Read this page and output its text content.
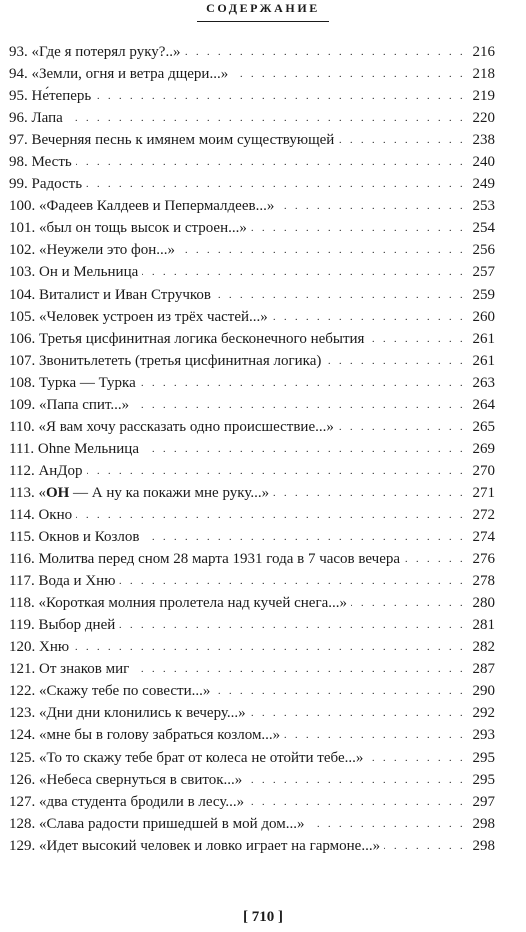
СОДЕРЖАНИЕ
. . .
93. «Где я потерял руку?..»	216
. . .
94. «Земли, огня и ветра дщери...»	218
. . .
95. Не́теперь	219
. . .
96. Лапа	220
. . .
97. Вечерняя песнь к имянем моим существующей	238
. . .
98. Месть	240
. . .
99. Радость	249
. . .
100. «Фадеев Калдеев и Пепермалдеев...»	253
. . .
101. «был он тощь высок и строен...»	254
. . .
102. «Неужели это фон...»	256
. . .
103. Он и Мельница	257
. . .
104. Виталист и Иван Стручков	259
. . .
105. «Человек устроен из трёх частей...»	260
. . .
106. Третья цисфинитная логика бесконечного небытия	261
. . .
107. Звонитьлететь (третья цисфинитная логика)	261
. . .
108. Турка — Турка	263
. . .
109. «Папа спит...»	264
. . .
110. «Я вам хочу рассказать одно происшествие...»	265
. . .
111. Ohne Мельница	269
. . .
112. АнДор	270
. . .
113. «ОН — А ну ка покажи мне руку...»	271
. . .
114. Окно	272
. . .
115. Окнов и Козлов	274
. . .
116. Молитва перед сном 28 марта 1931 года в 7 часов вечера	276
. . .
117. Вода и Хню	278
. . .
118. «Короткая молния пролетела над кучей снега...»	280
. . .
119. Выбор дней	281
. . .
120. Хню	282
. . .
121. От знаков миг	287
. . .
122. «Скажу тебе по совести...»	290
. . .
123. «Дни дни клонились к вечеру...»	292
. . .
124. «мне бы в голову забраться козлом...»	293
. . .
125. «То то скажу тебе брат от колеса не отойти тебе...»	295
. . .
126. «Небеса свернуться в свиток...»	295
. . .
127. «два студента бродили в лесу...»	297
. . .
128. «Слава радости пришедшей в мой дом...»	298
. . .
129. «Идет высокий человек и ловко играет на гармоне...»	298
[ 710 ]
